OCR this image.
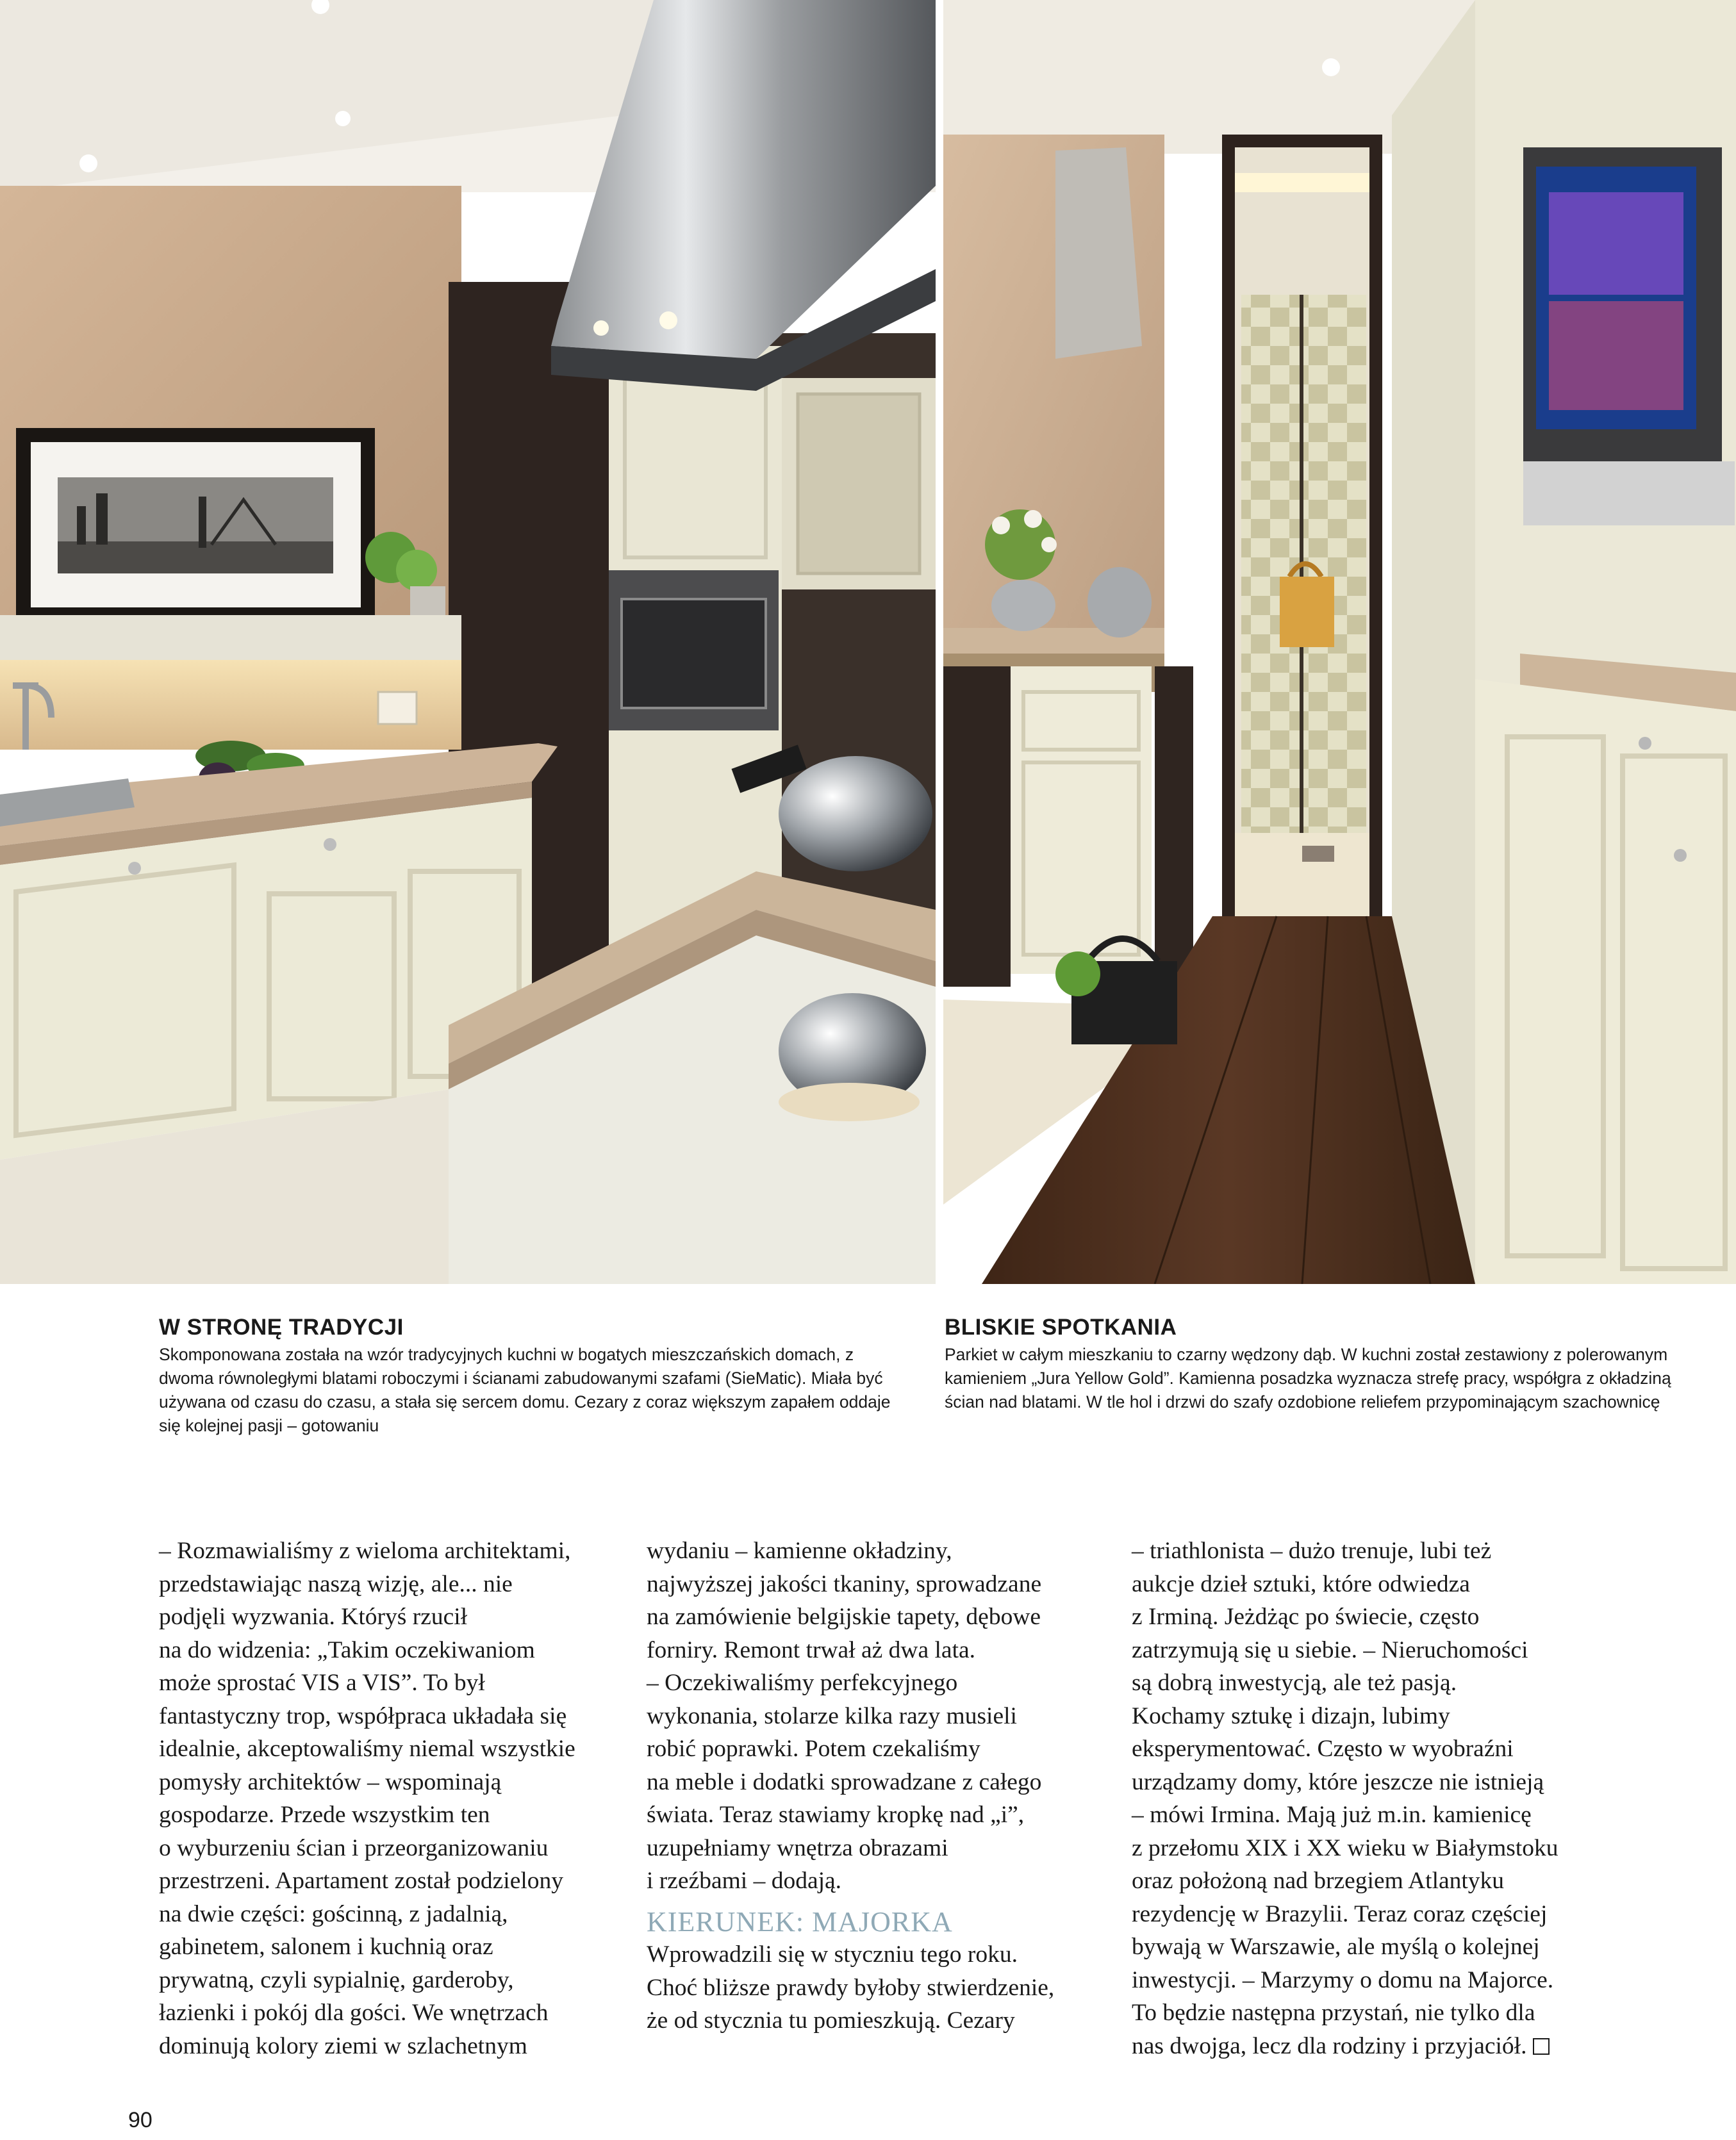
W STRONĘ TRADYCJI

Skomponowana została na wzór tradycyjnych kuchni w bogatych mieszczańskich domach, z dwoma równoległymi blatami roboczymi i ścianami zabudowanymi szafami (SieMatic). Miała być używana od czasu do czasu, a stała się sercem domu. Cezary z coraz większym zapałem oddaje się kolejnej pasji – gotowaniu

BLISKIE SPOTKANIA

Parkiet w całym mieszkaniu to czarny wędzony dąb. W kuchni został zestawiony z polerowanym kamieniem „Jura Yellow Gold”. Kamienna posadzka wyznacza strefę pracy, współgra z okładziną ścian nad blatami. W tle hol i drzwi do szafy ozdobione reliefem przypominającym szachownicę

– Rozmawialiśmy z wieloma architektami,
przedstawiając naszą wizję, ale... nie
podjęli wyzwania. Któryś rzucił
na do widzenia: „Takim oczekiwaniom
może sprostać VIS a VIS”. To był
fantastyczny trop, współpraca układała się
idealnie, akceptowaliśmy niemal wszystkie
pomysły architektów – wspominają
gospodarze. Przede wszystkim ten
o wyburzeniu ścian i przeorganizowaniu
przestrzeni. Apartament został podzielony
na dwie części: gościnną, z jadalnią,
gabinetem, salonem i kuchnią oraz
prywatną, czyli sypialnię, garderoby,
łazienki i pokój dla gości. We wnętrzach
dominują kolory ziemi w szlachetnym
wydaniu – kamienne okładziny,
najwyższej jakości tkaniny, sprowadzane
na zamówienie belgijskie tapety, dębowe
forniry. Remont trwał aż dwa lata.
– Oczekiwaliśmy perfekcyjnego
wykonania, stolarze kilka razy musieli
robić poprawki. Potem czekaliśmy
na meble i dodatki sprowadzane z całego
świata. Teraz stawiamy kropkę nad „i”,
uzupełniamy wnętrza obrazami
i rzeźbami – dodają.
KIERUNEK: MAJORKA
Wprowadzili się w styczniu tego roku.
Choć bliższe prawdy byłoby stwierdzenie,
że od stycznia tu pomieszkują. Cezary
– triathlonista – dużo trenuje, lubi też
aukcje dzieł sztuki, które odwiedza
z Irminą. Jeżdżąc po świecie, często
zatrzymują się u siebie. – Nieruchomości
są dobrą inwestycją, ale też pasją.
Kochamy sztukę i dizajn, lubimy
eksperymentować. Często w wyobraźni
urządzamy domy, które jeszcze nie istnieją
– mówi Irmina. Mają już m.in. kamienicę
z przełomu XIX i XX wieku w Białymstoku
oraz położoną nad brzegiem Atlantyku
rezydencję w Brazylii. Teraz coraz częściej
bywają w Warszawie, ale myślą o kolejnej
inwestycji. – Marzymy o domu na Majorce.
To będzie następna przystań, nie tylko dla
nas dwojga, lecz dla rodziny i przyjaciół.
90
